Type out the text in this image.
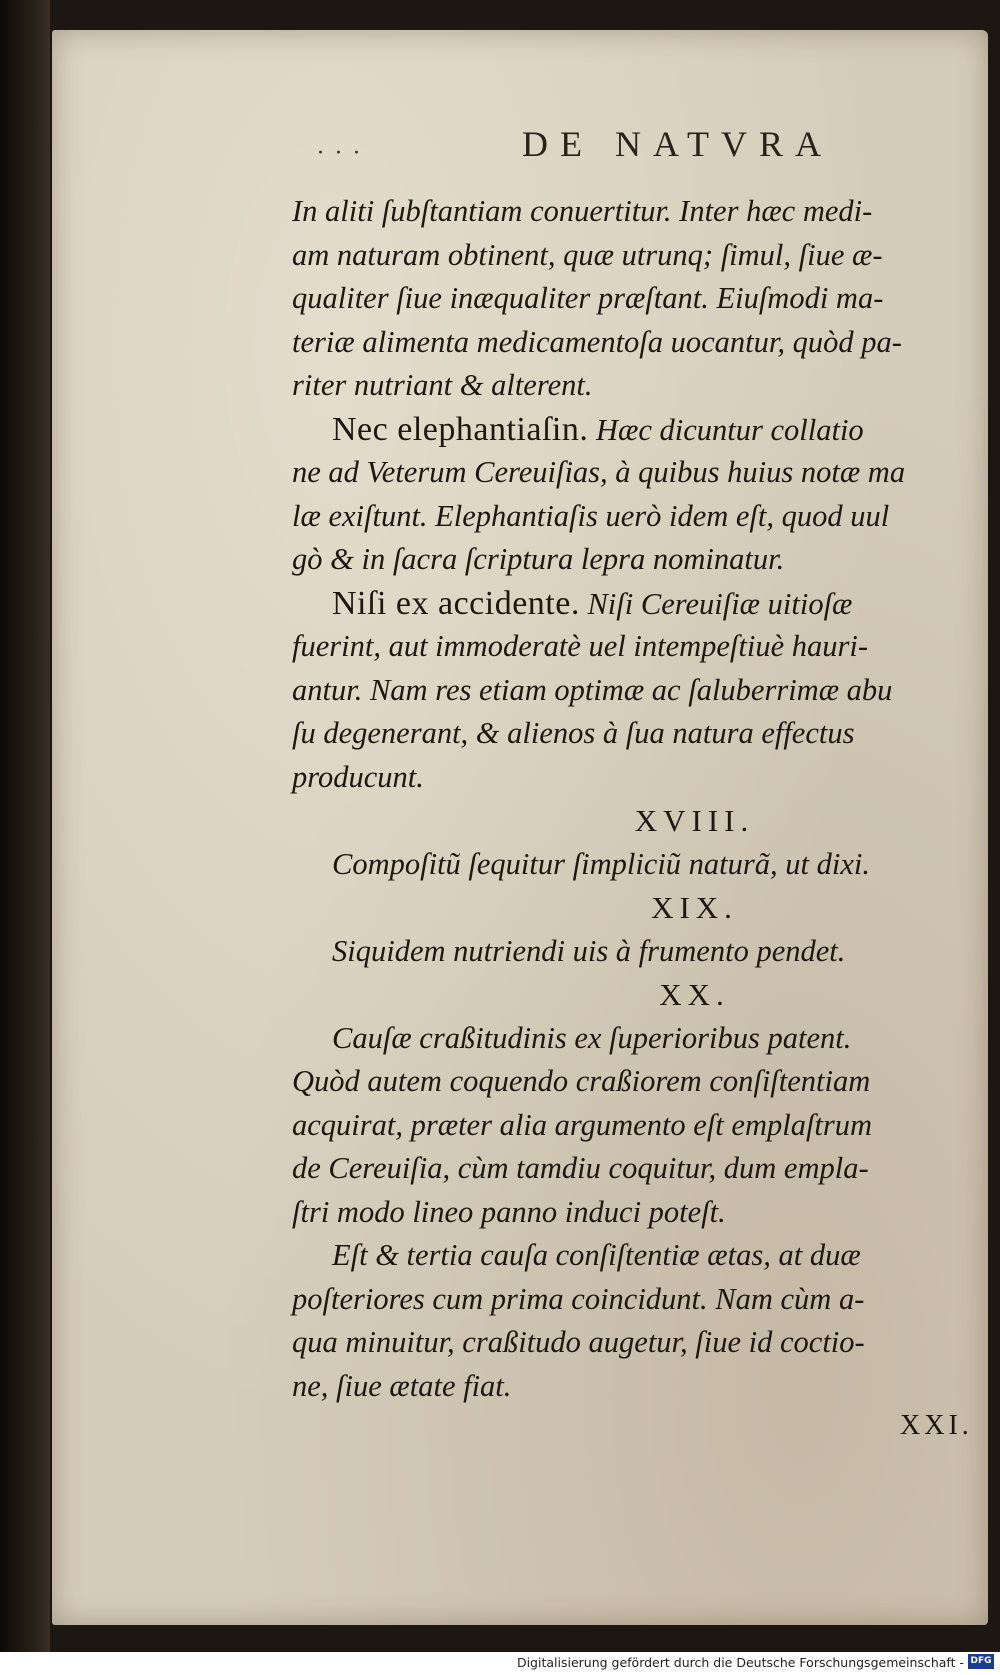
· · ·	DE NATVRA
In aliti ſubſtantiam conuertitur. Inter hæc medi-
am naturam obtinent, quæ utrunq; ſimul, ſiue æ-
qualiter ſiue inæqualiter præſtant. Eiuſmodi ma-
teriæ alimenta medicamentoſa uocantur, quòd pa-
riter nutriant & alterent.
Nec elephantiaſin. Hæc dicuntur collatio
ne ad Veterum Cereuiſias, à quibus huius notæ ma
læ exiſtunt. Elephantiaſis uerò idem eſt, quod uul
gò & in ſacra ſcriptura lepra nominatur.
Niſi ex accidente. Niſi Cereuiſiæ uitioſæ
fuerint, aut immoderatè uel intempeſtiuè hauri-
antur. Nam res etiam optimæ ac ſaluberrimæ abu
ſu degenerant, & alienos à ſua natura effectus
producunt.
XVIII.
Compoſitũ ſequitur ſimpliciũ naturã, ut dixi.
XIX.
Siquidem nutriendi uis à frumento pendet.
XX.
Cauſæ craßitudinis ex ſuperioribus patent.
Quòd autem coquendo craßiorem conſiſtentiam
acquirat, præter alia argumento eſt emplaſtrum
de Cereuiſia, cùm tamdiu coquitur, dum empla-
ſtri modo lineo panno induci poteſt.
Eſt & tertia cauſa conſiſtentiæ ætas, at duæ
poſteriores cum prima coincidunt. Nam cùm a-
qua minuitur, craßitudo augetur, ſiue id coctio-
ne, ſiue ætate fiat.
XXI.
Digitalisierung gefördert durch die Deutsche Forschungsgemeinschaft - DFG
